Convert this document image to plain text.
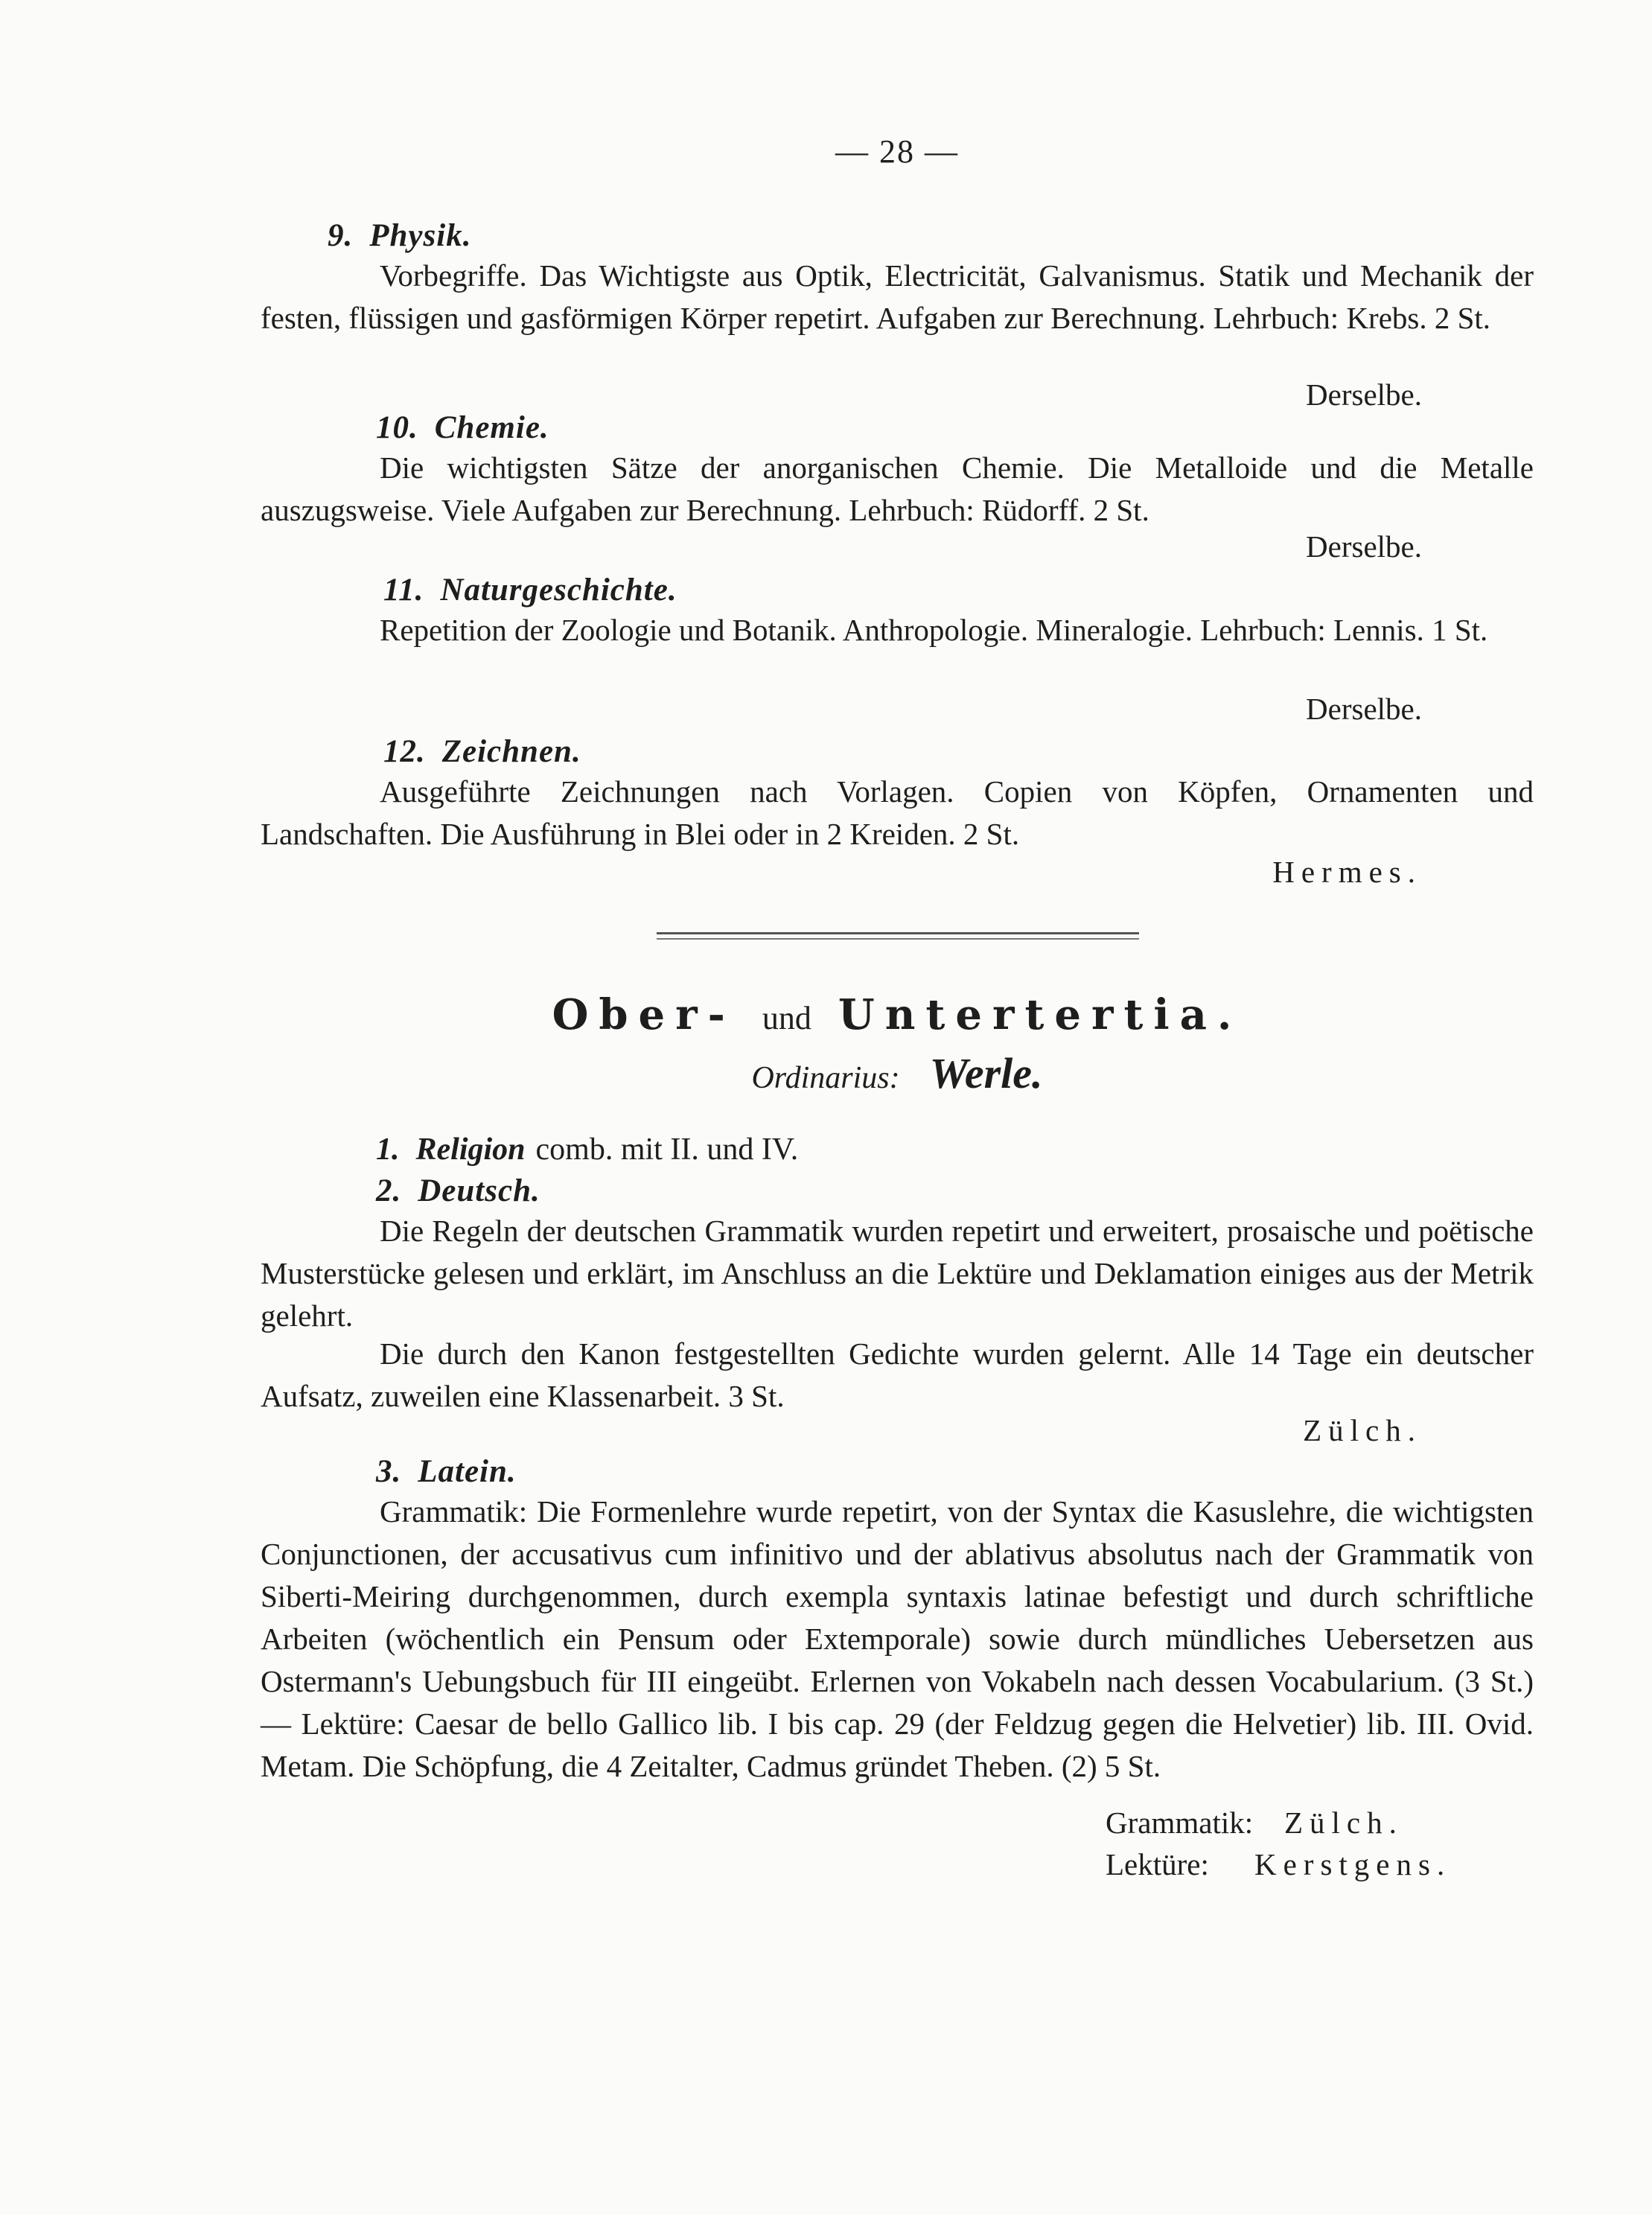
— 28 —
9. Physik.
Vorbegriffe. Das Wichtigste aus Optik, Electricität, Galvanismus. Statik und Mechanik der festen, flüssigen und gasförmigen Körper repetirt. Aufgaben zur Berechnung. Lehrbuch: Krebs. 2 St.
Derselbe.
10. Chemie.
Die wichtigsten Sätze der anorganischen Chemie. Die Metalloide und die Metalle auszugsweise. Viele Aufgaben zur Berechnung. Lehrbuch: Rüdorff. 2 St.
Derselbe.
11. Naturgeschichte.
Repetition der Zoologie und Botanik. Anthropologie. Mineralogie. Lehrbuch: Lennis. 1 St.
Derselbe.
12. Zeichnen.
Ausgeführte Zeichnungen nach Vorlagen. Copien von Köpfen, Ornamenten und Landschaften. Die Ausführung in Blei oder in 2 Kreiden. 2 St.
Hermes.
Ober- und Untertertia.
Ordinarius: Werle.
1. Religion comb. mit II. und IV.
2. Deutsch.
Die Regeln der deutschen Grammatik wurden repetirt und erweitert, prosaische und poëtische Musterstücke gelesen und erklärt, im Anschluss an die Lektüre und Deklamation einiges aus der Metrik gelehrt.
Die durch den Kanon festgestellten Gedichte wurden gelernt. Alle 14 Tage ein deutscher Aufsatz, zuweilen eine Klassenarbeit. 3 St.
Zülch.
3. Latein.
Grammatik: Die Formenlehre wurde repetirt, von der Syntax die Kasuslehre, die wichtigsten Conjunctionen, der accusativus cum infinitivo und der ablativus absolutus nach der Grammatik von Siberti-Meiring durchgenommen, durch exempla syntaxis latinae befestigt und durch schriftliche Arbeiten (wöchentlich ein Pensum oder Extemporale) sowie durch mündliches Uebersetzen aus Ostermann's Uebungsbuch für III eingeübt. Erlernen von Vokabeln nach dessen Vocabularium. (3 St.) — Lektüre: Caesar de bello Gallico lib. I bis cap. 29 (der Feldzug gegen die Helvetier) lib. III. Ovid. Metam. Die Schöpfung, die 4 Zeitalter, Cadmus gründet Theben. (2) 5 St.
Grammatik: Zülch.
Lektüre: Kerstgens.
